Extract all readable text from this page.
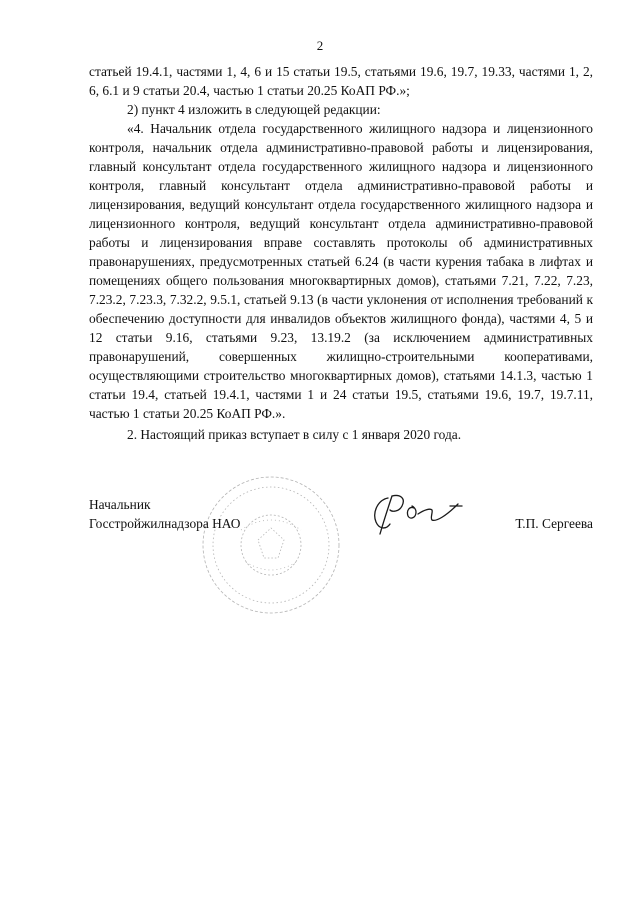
2

статьей 19.4.1, частями 1, 4, 6 и 15 статьи 19.5, статьями 19.6, 19.7, 19.33, частями 1, 2, 6, 6.1 и 9 статьи 20.4, частью 1 статьи 20.25 КоАП РФ.»;

2) пункт 4 изложить в следующей редакции:

«4. Начальник отдела государственного жилищного надзора и лицензионного контроля, начальник отдела административно-правовой работы и лицензирования, главный консультант отдела государственного жилищного надзора и лицензионного контроля, главный консультант отдела административно-правовой работы и лицензирования, ведущий консультант отдела государственного жилищного надзора и лицензионного контроля, ведущий консультант отдела административно-правовой работы и лицензирования вправе составлять протоколы об административных правонарушениях, предусмотренных статьей 6.24 (в части курения табака в лифтах и помещениях общего пользования многоквартирных домов), статьями 7.21, 7.22, 7.23, 7.23.2, 7.23.3, 7.32.2, 9.5.1, статьей 9.13 (в части уклонения от исполнения требований к обеспечению доступности для инвалидов объектов жилищного фонда), частями 4, 5 и 12 статьи 9.16, статьями 9.23, 13.19.2 (за исключением административных правонарушений, совершенных жилищно-строительными кооперативами, осуществляющими строительство многоквартирных домов), статьями 14.1.3, частью 1 статьи 19.4, статьей 19.4.1, частями 1 и 24 статьи 19.5, статьями 19.6, 19.7, 19.7.11, частью 1 статьи 20.25 КоАП РФ.».

2. Настоящий приказ вступает в силу с 1 января 2020 года.

Начальник
Госстройжилнадзора НАО	Т.П. Сергеева
